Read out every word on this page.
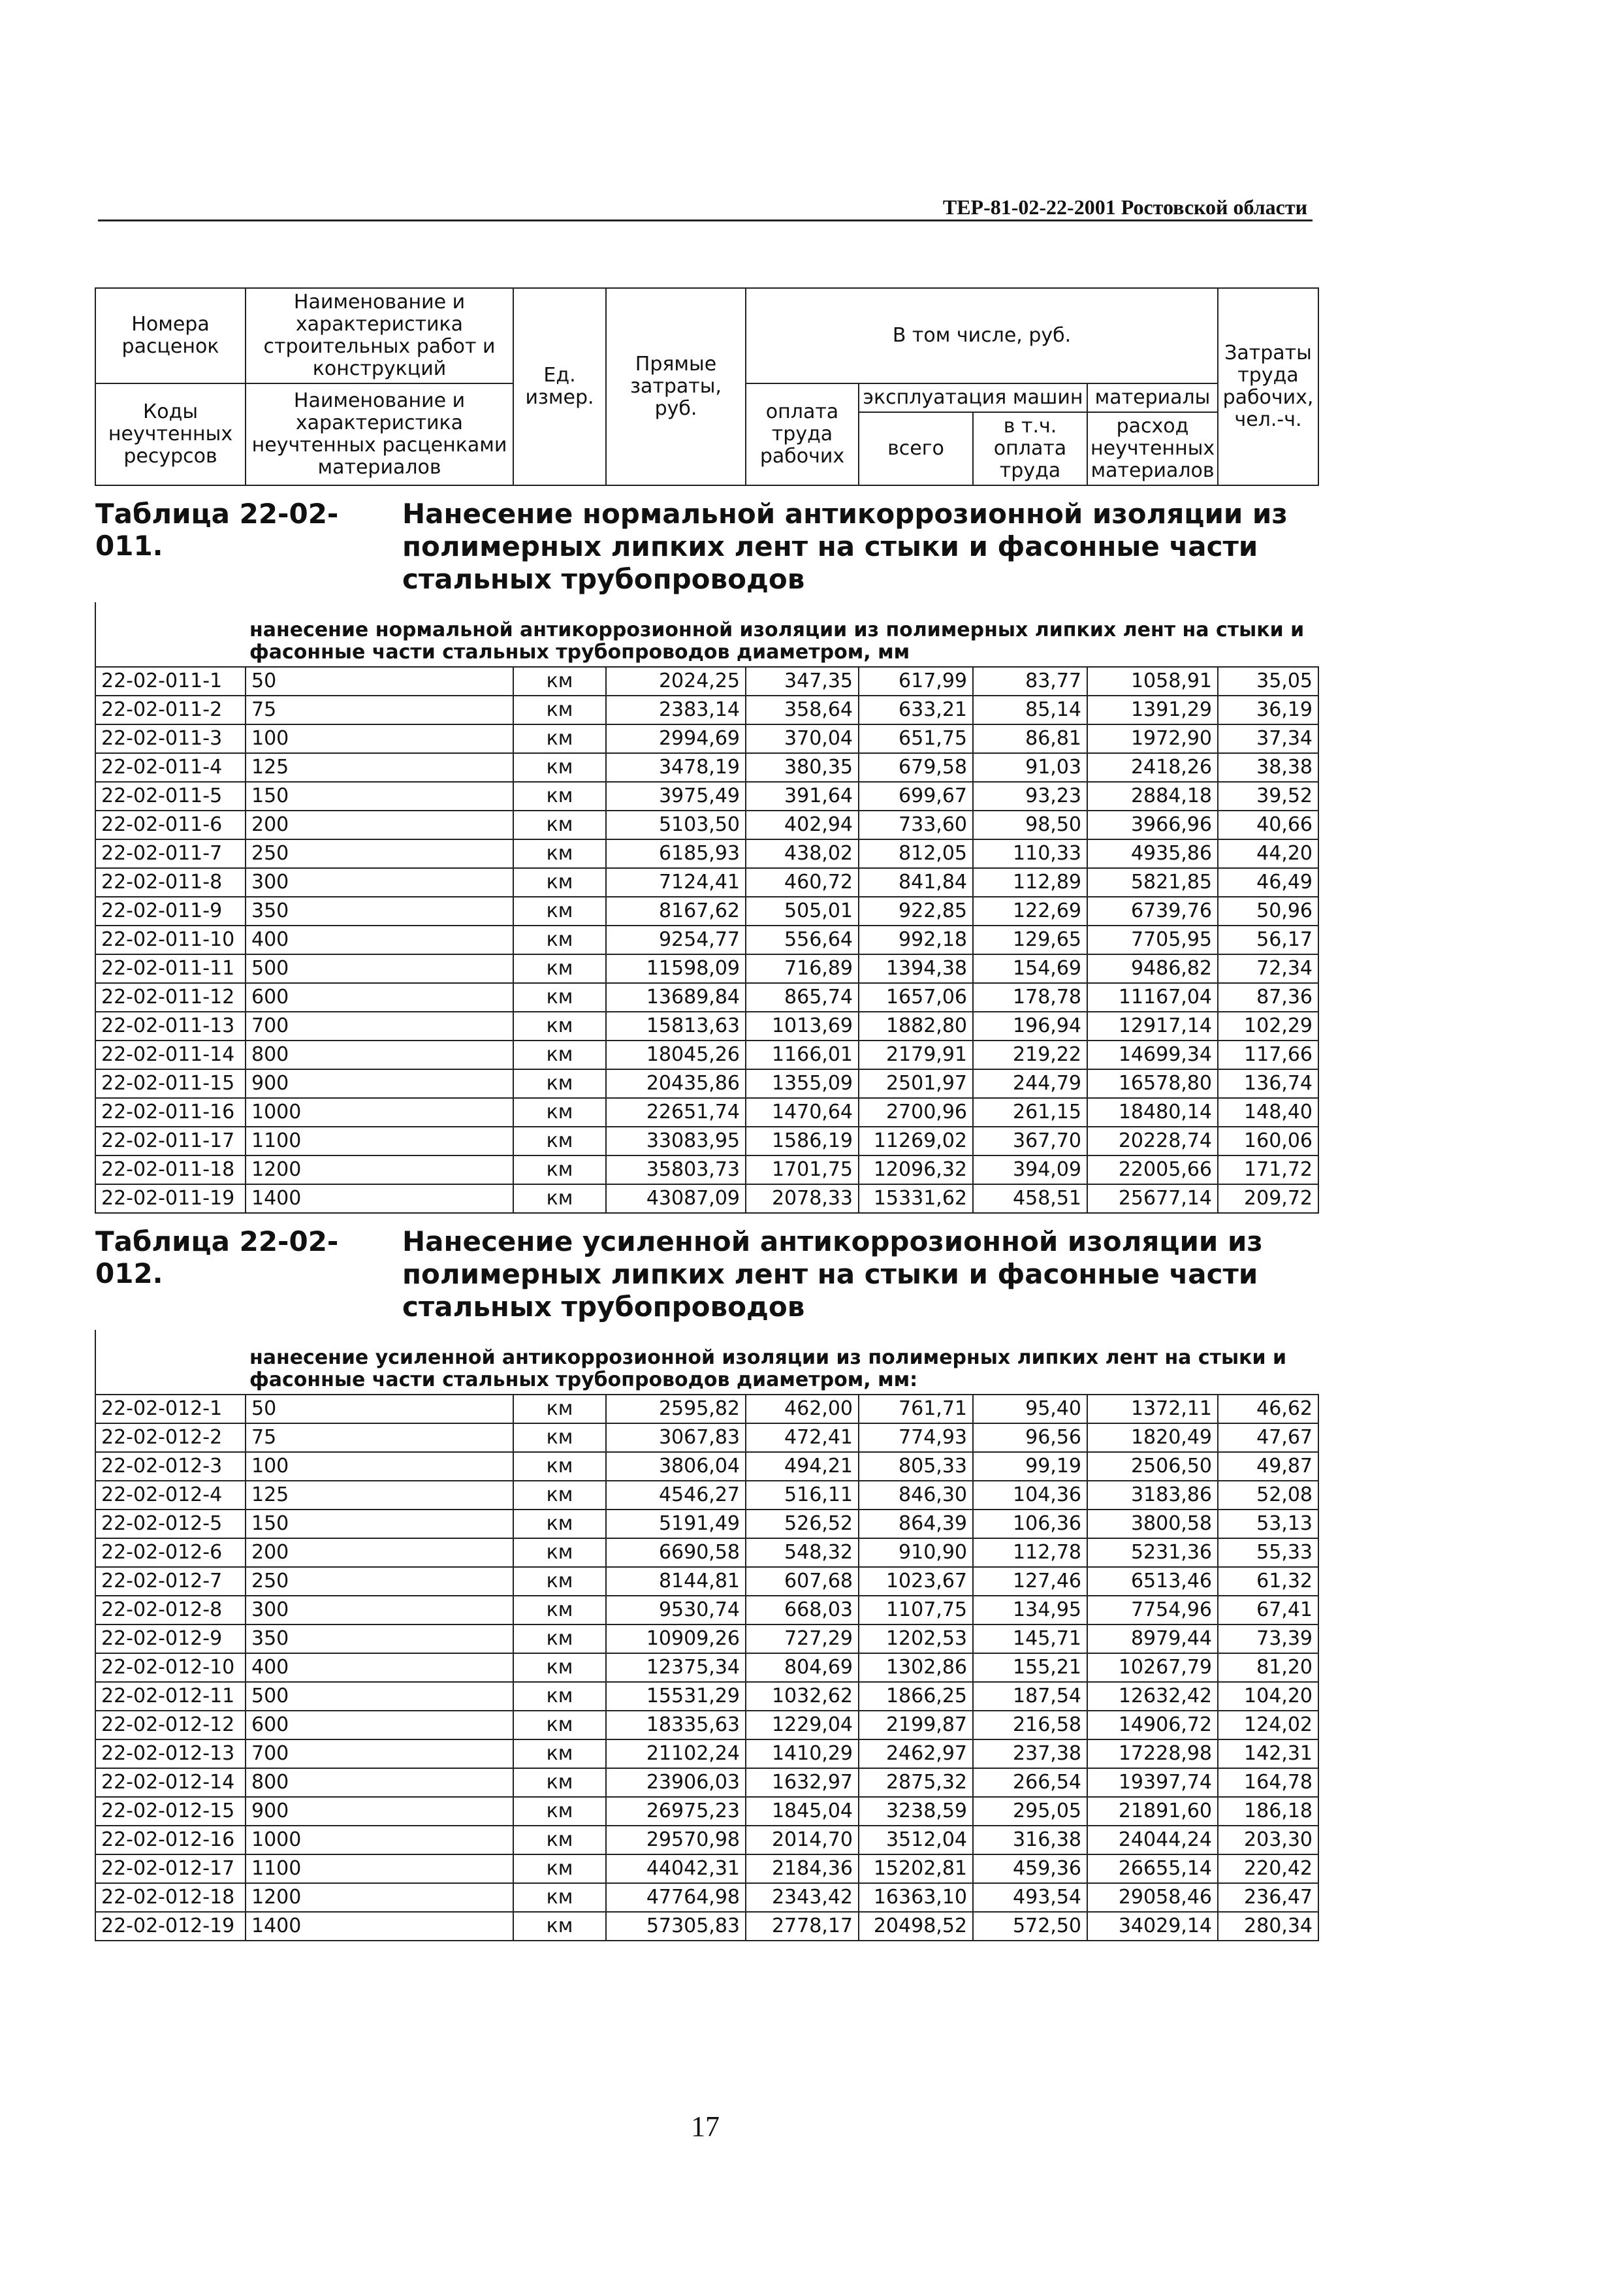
ТЕР-81-02-22-2001 Ростовской области
Номера расценок	Наименование и характеристика строительных работ и конструкций	Ед. измер.	Прямые затраты, руб.	В том числе, руб.				Затраты труда рабочих, чел.-ч.
Коды неучтенных ресурсов	Наименование и характеристика неучтенных расценками материалов			оплата труда рабочих	эксплуатация машин		материалы	
					всего	в т.ч. оплата труда	расход неучтенных материалов	

Таблица 22-02-011.
Нанесение нормальной антикоррозионной изоляции из полимерных липких лент на стыки и фасонные части стальных трубопроводов								

	нанесение нормальной антикоррозионной изоляции из полимерных липких лент на стыки и фасонные части стальных трубопроводов диаметром, мм							
22-02-011-1	50	км	2024,25	347,35	617,99	83,77	1058,91	35,05
22-02-011-2	75	км	2383,14	358,64	633,21	85,14	1391,29	36,19
22-02-011-3	100	км	2994,69	370,04	651,75	86,81	1972,90	37,34
22-02-011-4	125	км	3478,19	380,35	679,58	91,03	2418,26	38,38
22-02-011-5	150	км	3975,49	391,64	699,67	93,23	2884,18	39,52
22-02-011-6	200	км	5103,50	402,94	733,60	98,50	3966,96	40,66
22-02-011-7	250	км	6185,93	438,02	812,05	110,33	4935,86	44,20
22-02-011-8	300	км	7124,41	460,72	841,84	112,89	5821,85	46,49
22-02-011-9	350	км	8167,62	505,01	922,85	122,69	6739,76	50,96
22-02-011-10	400	км	9254,77	556,64	992,18	129,65	7705,95	56,17
22-02-011-11	500	км	11598,09	716,89	1394,38	154,69	9486,82	72,34
22-02-011-12	600	км	13689,84	865,74	1657,06	178,78	11167,04	87,36
22-02-011-13	700	км	15813,63	1013,69	1882,80	196,94	12917,14	102,29
22-02-011-14	800	км	18045,26	1166,01	2179,91	219,22	14699,34	117,66
22-02-011-15	900	км	20435,86	1355,09	2501,97	244,79	16578,80	136,74
22-02-011-16	1000	км	22651,74	1470,64	2700,96	261,15	18480,14	148,40
22-02-011-17	1100	км	33083,95	1586,19	11269,02	367,70	20228,74	160,06
22-02-011-18	1200	км	35803,73	1701,75	12096,32	394,09	22005,66	171,72
22-02-011-19	1400	км	43087,09	2078,33	15331,62	458,51	25677,14	209,72

Таблица 22-02-012.
Нанесение усиленной антикоррозионной изоляции из полимерных липких лент на стыки и фасонные части стальных трубопроводов								

	нанесение усиленной антикоррозионной изоляции из полимерных липких лент на стыки и фасонные части стальных трубопроводов диаметром, мм:							
22-02-012-1	50	км	2595,82	462,00	761,71	95,40	1372,11	46,62
22-02-012-2	75	км	3067,83	472,41	774,93	96,56	1820,49	47,67
22-02-012-3	100	км	3806,04	494,21	805,33	99,19	2506,50	49,87
22-02-012-4	125	км	4546,27	516,11	846,30	104,36	3183,86	52,08
22-02-012-5	150	км	5191,49	526,52	864,39	106,36	3800,58	53,13
22-02-012-6	200	км	6690,58	548,32	910,90	112,78	5231,36	55,33
22-02-012-7	250	км	8144,81	607,68	1023,67	127,46	6513,46	61,32
22-02-012-8	300	км	9530,74	668,03	1107,75	134,95	7754,96	67,41
22-02-012-9	350	км	10909,26	727,29	1202,53	145,71	8979,44	73,39
22-02-012-10	400	км	12375,34	804,69	1302,86	155,21	10267,79	81,20
22-02-012-11	500	км	15531,29	1032,62	1866,25	187,54	12632,42	104,20
22-02-012-12	600	км	18335,63	1229,04	2199,87	216,58	14906,72	124,02
22-02-012-13	700	км	21102,24	1410,29	2462,97	237,38	17228,98	142,31
22-02-012-14	800	км	23906,03	1632,97	2875,32	266,54	19397,74	164,78
22-02-012-15	900	км	26975,23	1845,04	3238,59	295,05	21891,60	186,18
22-02-012-16	1000	км	29570,98	2014,70	3512,04	316,38	24044,24	203,30
22-02-012-17	1100	км	44042,31	2184,36	15202,81	459,36	26655,14	220,42
22-02-012-18	1200	км	47764,98	2343,42	16363,10	493,54	29058,46	236,47
22-02-012-19	1400	км	57305,83	2778,17	20498,52	572,50	34029,14	280,34
17
